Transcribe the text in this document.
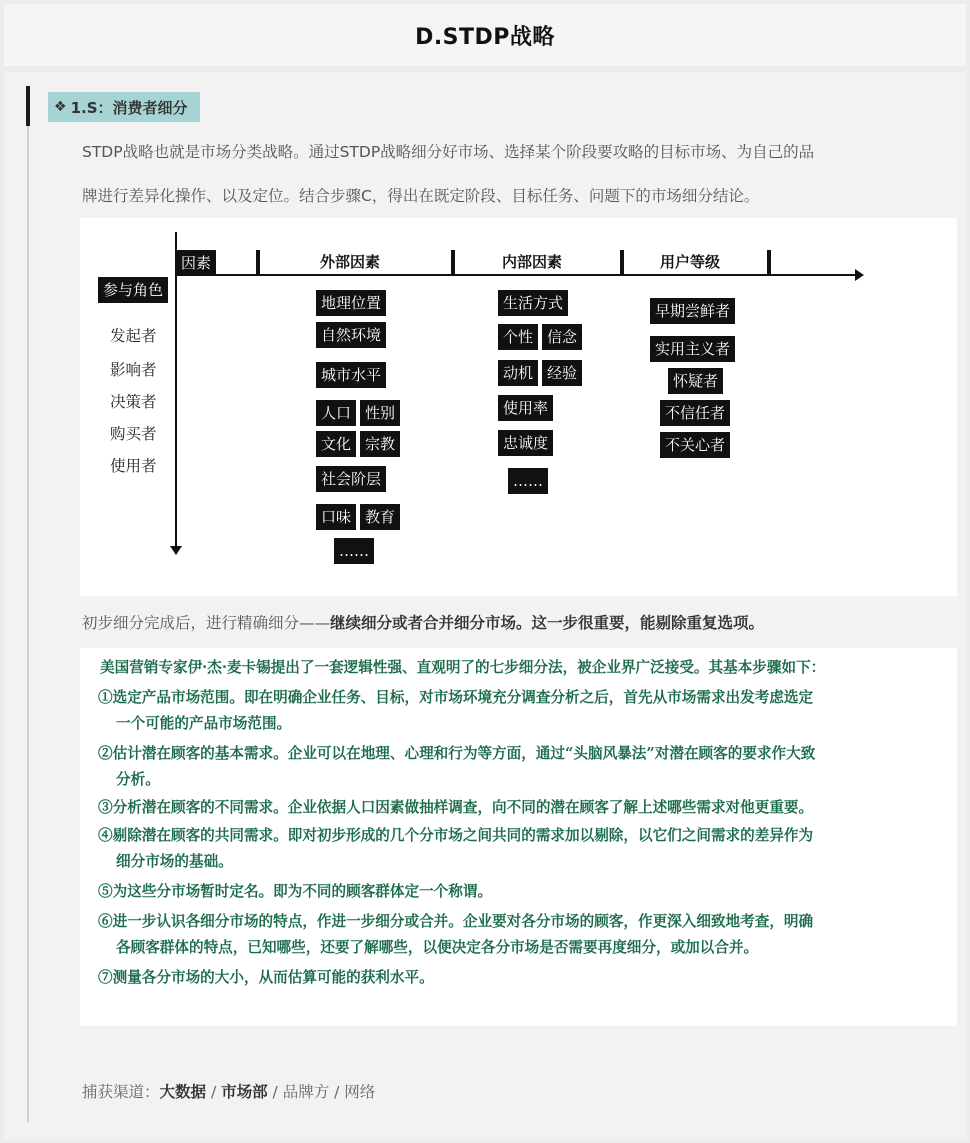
D.STDP战略
❖ 1.S：消费者细分
STDP战略也就是市场分类战略。通过STDP战略细分好市场、选择某个阶段要攻略的目标市场、为自己的品
牌进行差异化操作、以及定位。结合步骤C，得出在既定阶段、目标任务、问题下的市场细分结论。
因素
参与角色
外部因素	内部因素	用户等级
发起者
影响者
决策者
购买者
使用者
地理位置
自然环境
城市水平
人口 性别
文化 宗教
社会阶层
口味 教育
……
生活方式
个性 信念
动机 经验
使用率
忠诚度
……
早期尝鲜者
实用主义者
怀疑者
不信任者
不关心者
初步细分完成后，进行精确细分——继续细分或者合并细分市场。这一步很重要，能剔除重复选项。
美国营销专家伊·杰·麦卡锡提出了一套逻辑性强、直观明了的七步细分法，被企业界广泛接受。其基本步骤如下：
①选定产品市场范围。即在明确企业任务、目标，对市场环境充分调查分析之后，首先从市场需求出发考虑选定
一个可能的产品市场范围。
②估计潜在顾客的基本需求。企业可以在地理、心理和行为等方面，通过“头脑风暴法”对潜在顾客的要求作大致
分析。
③分析潜在顾客的不同需求。企业依据人口因素做抽样调查，向不同的潜在顾客了解上述哪些需求对他更重要。
④剔除潜在顾客的共同需求。即对初步形成的几个分市场之间共同的需求加以剔除，以它们之间需求的差异作为
细分市场的基础。
⑤为这些分市场暂时定名。即为不同的顾客群体定一个称谓。
⑥进一步认识各细分市场的特点，作进一步细分或合并。企业要对各分市场的顾客，作更深入细致地考查，明确
各顾客群体的特点，已知哪些，还要了解哪些，以便决定各分市场是否需要再度细分，或加以合并。
⑦测量各分市场的大小，从而估算可能的获利水平。
捕获渠道：大数据 / 市场部 / 品牌方 / 网络
